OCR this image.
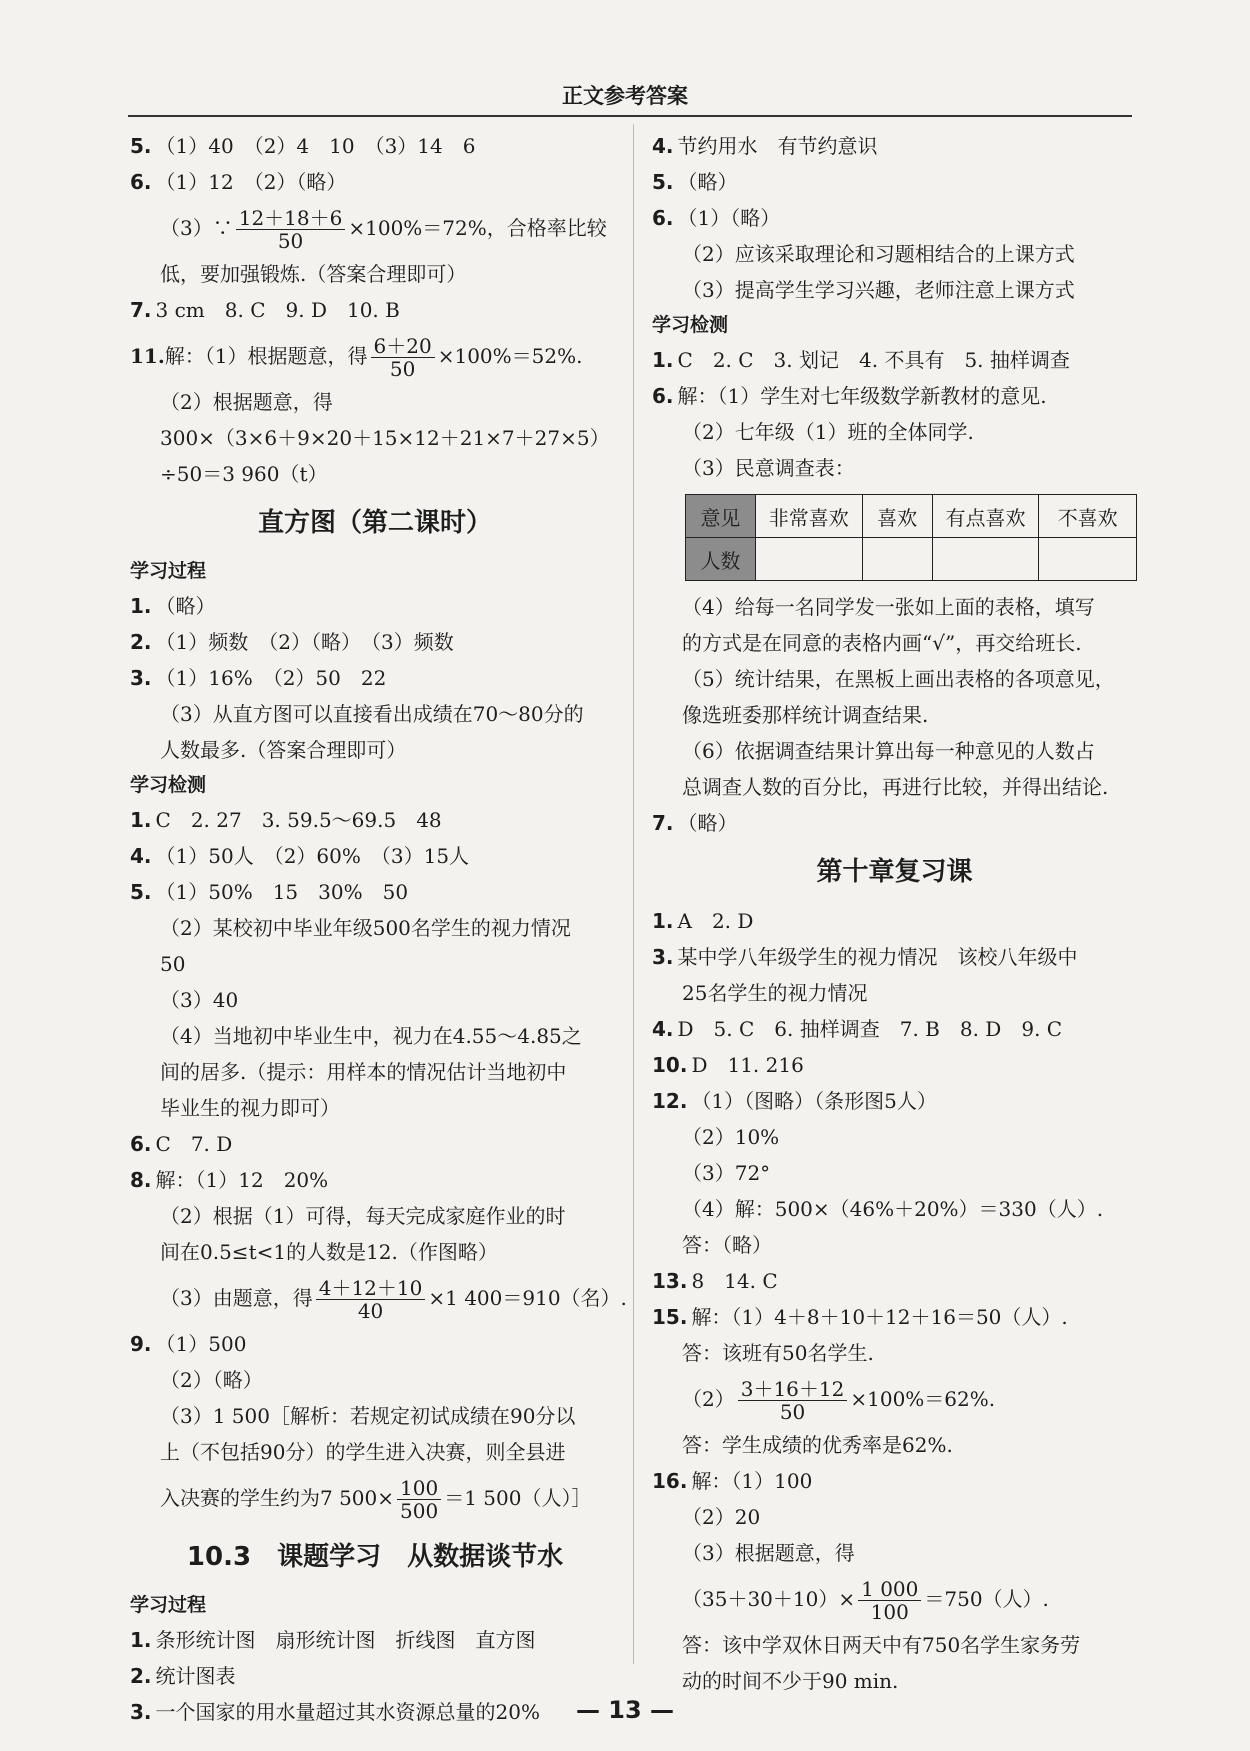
正文参考答案
5. （1）40　（2）4　10　（3）14　6
6. （1）12　（2）（略）
（3）∵ $\frac{12+18+6}{50} \times 100\%=72\%$，合格率比较
低，要加强锻炼.（答案合理即可）
7. 3 cm　8. C　9. D　10. B
11.解：（1）根据题意，得 $\frac{6+20}{50} \times 100\%=52\%$.
（2）根据题意，得
300×（3×6＋9×20＋15×12＋21×7＋27×5）
÷50＝3 960（t）
直方图（第二课时）
学习过程
1. （略）
2. （1）频数　（2）（略）　（3）频数
3. （1）16%　（2）50　22
（3）从直方图可以直接看出成绩在70～80分的
人数最多.（答案合理即可）
学习检测
1. C　2. 27　3. 59.5～69.5　48
4. （1）50人　（2）60%　（3）15人
5. （1）50%　15　30%　50
（2）某校初中毕业年级500名学生的视力情况
50
（3）40
（4）当地初中毕业生中，视力在4.55～4.85之
间的居多.（提示：用样本的情况估计当地初中
毕业生的视力即可）
6. C　7. D
8. 解：（1）12　20%
（2）根据（1）可得，每天完成家庭作业的时
间在0.5≤t<1的人数是12.（作图略）
（3）由题意，得 $\frac{4+12+10}{40} \times 1$ 400＝910（名）.
9. （1）500
（2）（略）
（3）1 500［解析：若规定初试成绩在90分以
上（不包括90分）的学生进入决赛，则全县进
入决赛的学生约为7 $500\times \frac{100}{500} =1$ 500（人）］
10.3　课题学习　从数据谈节水
学习过程
1. 条形统计图　扇形统计图　折线图　直方图
2. 统计图表
3. 一个国家的用水量超过其水资源总量的20%
4. 节约用水　有节约意识
5. （略）
6. （1）（略）
（2）应该采取理论和习题相结合的上课方式
（3）提高学生学习兴趣，老师注意上课方式
学习检测
1. C　2. C　3. 划记　4. 不具有　5. 抽样调查
6. 解：（1）学生对七年级数学新教材的意见.
（2）七年级（1）班的全体同学.
（3）民意调查表：
意见	非常喜欢	喜欢	有点喜欢	不喜欢
人数				
（4）给每一名同学发一张如上面的表格，填写
的方式是在同意的表格内画“√”，再交给班长.
（5）统计结果，在黑板上画出表格的各项意见，
像选班委那样统计调查结果.
（6）依据调查结果计算出每一种意见的人数占
总调查人数的百分比，再进行比较，并得出结论.
7. （略）
第十章复习课
1. A　2. D
3. 某中学八年级学生的视力情况　该校八年级中
25名学生的视力情况
4. D　5. C　6. 抽样调查　7. B　8. D　9. C
10. D　11. 216
12. （1）（图略）（条形图5人）
（2）10%
（3）72°
（4）解：500×（46%＋20%）＝330（人）.
答：（略）
13. 8　14. C
15. 解：（1）4＋8＋10＋12＋16＝50（人）.
答：该班有50名学生.
$(2) \frac{3+16+12}{50} \times 100\%=62\%$.
答：学生成绩的优秀率是62%.
16. 解：（1）100
（2）20
（3）根据题意，得
$(35+30+10)\times \frac{1 000}{100} =750$（人）.
答：该中学双休日两天中有750名学生家务劳
动的时间不少于90 min.
— 13 —
